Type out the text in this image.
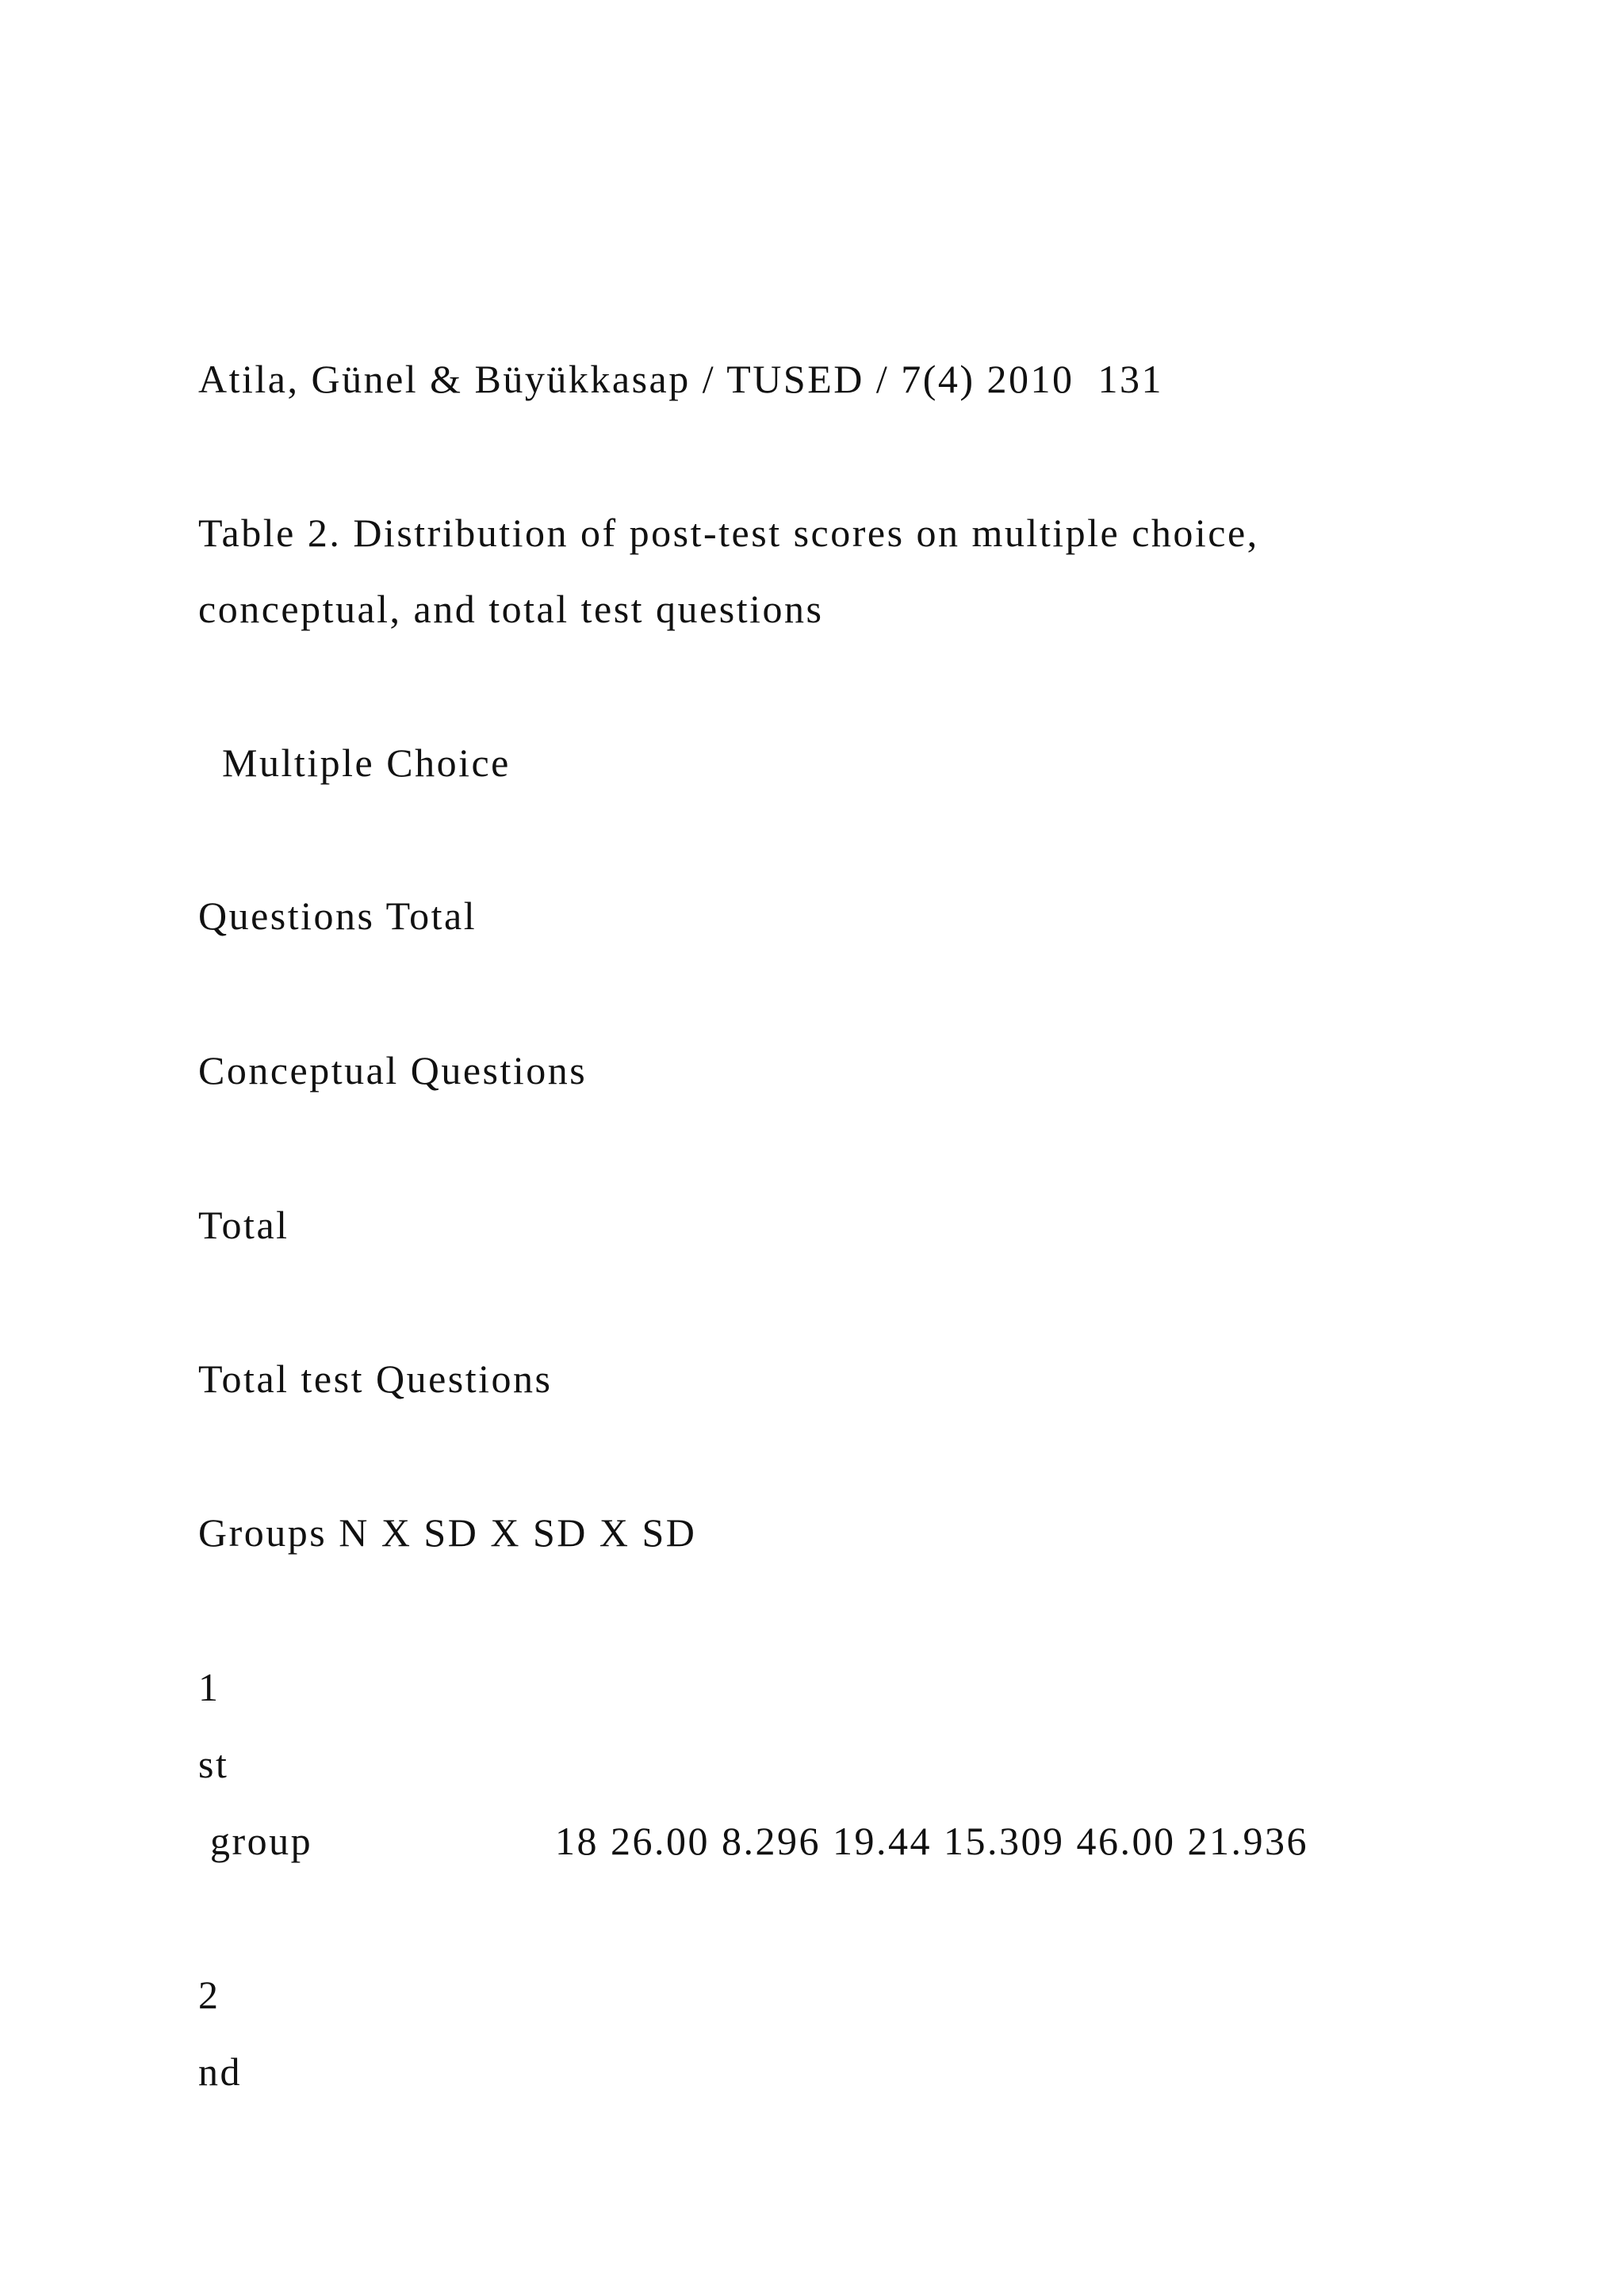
Atila, Günel & Büyükkasap / TUSED / 7(4) 2010  131
Table 2. Distribution of post-test scores on multiple choice,
conceptual, and total test questions
Multiple Choice
Questions Total
Conceptual Questions
Total
Total test Questions
Groups N X SD X SD X SD
1
st
group	18 26.00 8.296 19.44 15.309 46.00 21.936
2
nd
